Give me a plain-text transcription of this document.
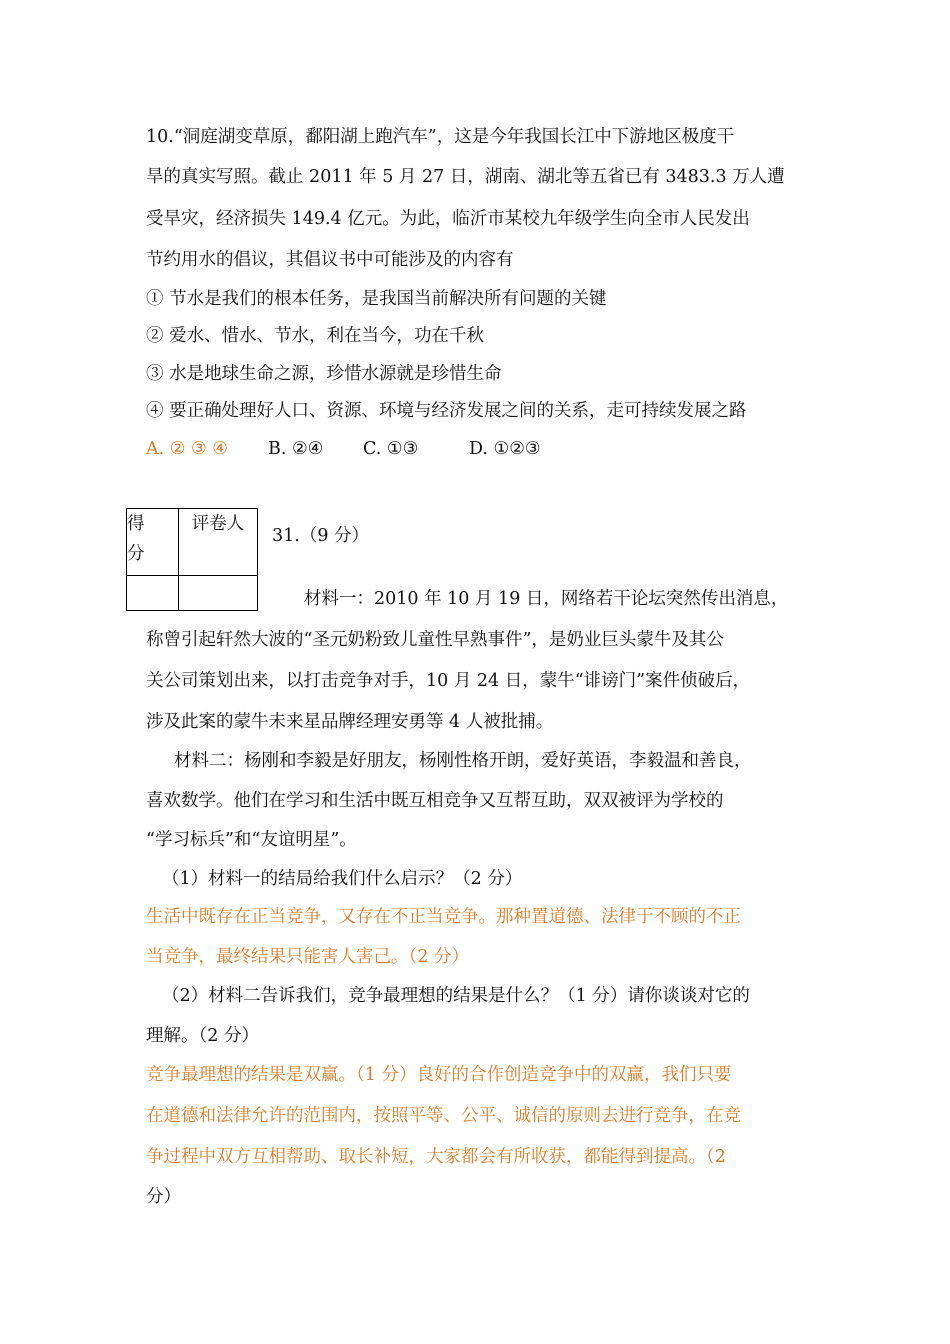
10.“洞庭湖变草原，鄱阳湖上跑汽车”，这是今年我国长江中下游地区极度干
旱的真实写照。截止 2011 年 5 月 27 日，湖南、湖北等五省已有 3483.3 万人遭
受旱灾，经济损失 149.4 亿元。为此，临沂市某校九年级学生向全市人民发出
节约用水的倡议，其倡议书中可能涉及的内容有
① 节水是我们的根本任务，是我国当前解决所有问题的关键
② 爱水、惜水、节水，利在当今，功在千秋
③ 水是地球生命之源，珍惜水源就是珍惜生命
④ 要正确处理好人口、资源、环境与经济发展之间的关系，走可持续发展之路
A. ② ③ ④ B. ②④ C. ①③	D. ①②③
得分	评卷人

31.（9 分）
材料一：2010 年 10 月 19 日，网络若干论坛突然传出消息，
称曾引起轩然大波的“圣元奶粉致儿童性早熟事件”，是奶业巨头蒙牛及其公
关公司策划出来，以打击竞争对手，10 月 24 日，蒙牛“诽谤门”案件侦破后，
涉及此案的蒙牛未来星品牌经理安勇等 4 人被批捕。
材料二：杨刚和李毅是好朋友，杨刚性格开朗，爱好英语，李毅温和善良，
喜欢数学。他们在学习和生活中既互相竞争又互帮互助，双双被评为学校的
“学习标兵”和“友谊明星”。
（1）材料一的结局给我们什么启示？（2 分）
生活中既存在正当竞争，又存在不正当竞争。那种置道德、法律于不顾的不正
当竞争，最终结果只能害人害己。（2 分）
（2）材料二告诉我们，竞争最理想的结果是什么？（1 分）请你谈谈对它的
理解。（2 分）
竞争最理想的结果是双赢。（1 分）良好的合作创造竞争中的双赢，我们只要
在道德和法律允许的范围内，按照平等、公平、诚信的原则去进行竞争，在竞
争过程中双方互相帮助、取长补短，大家都会有所收获，都能得到提高。（2
分）
